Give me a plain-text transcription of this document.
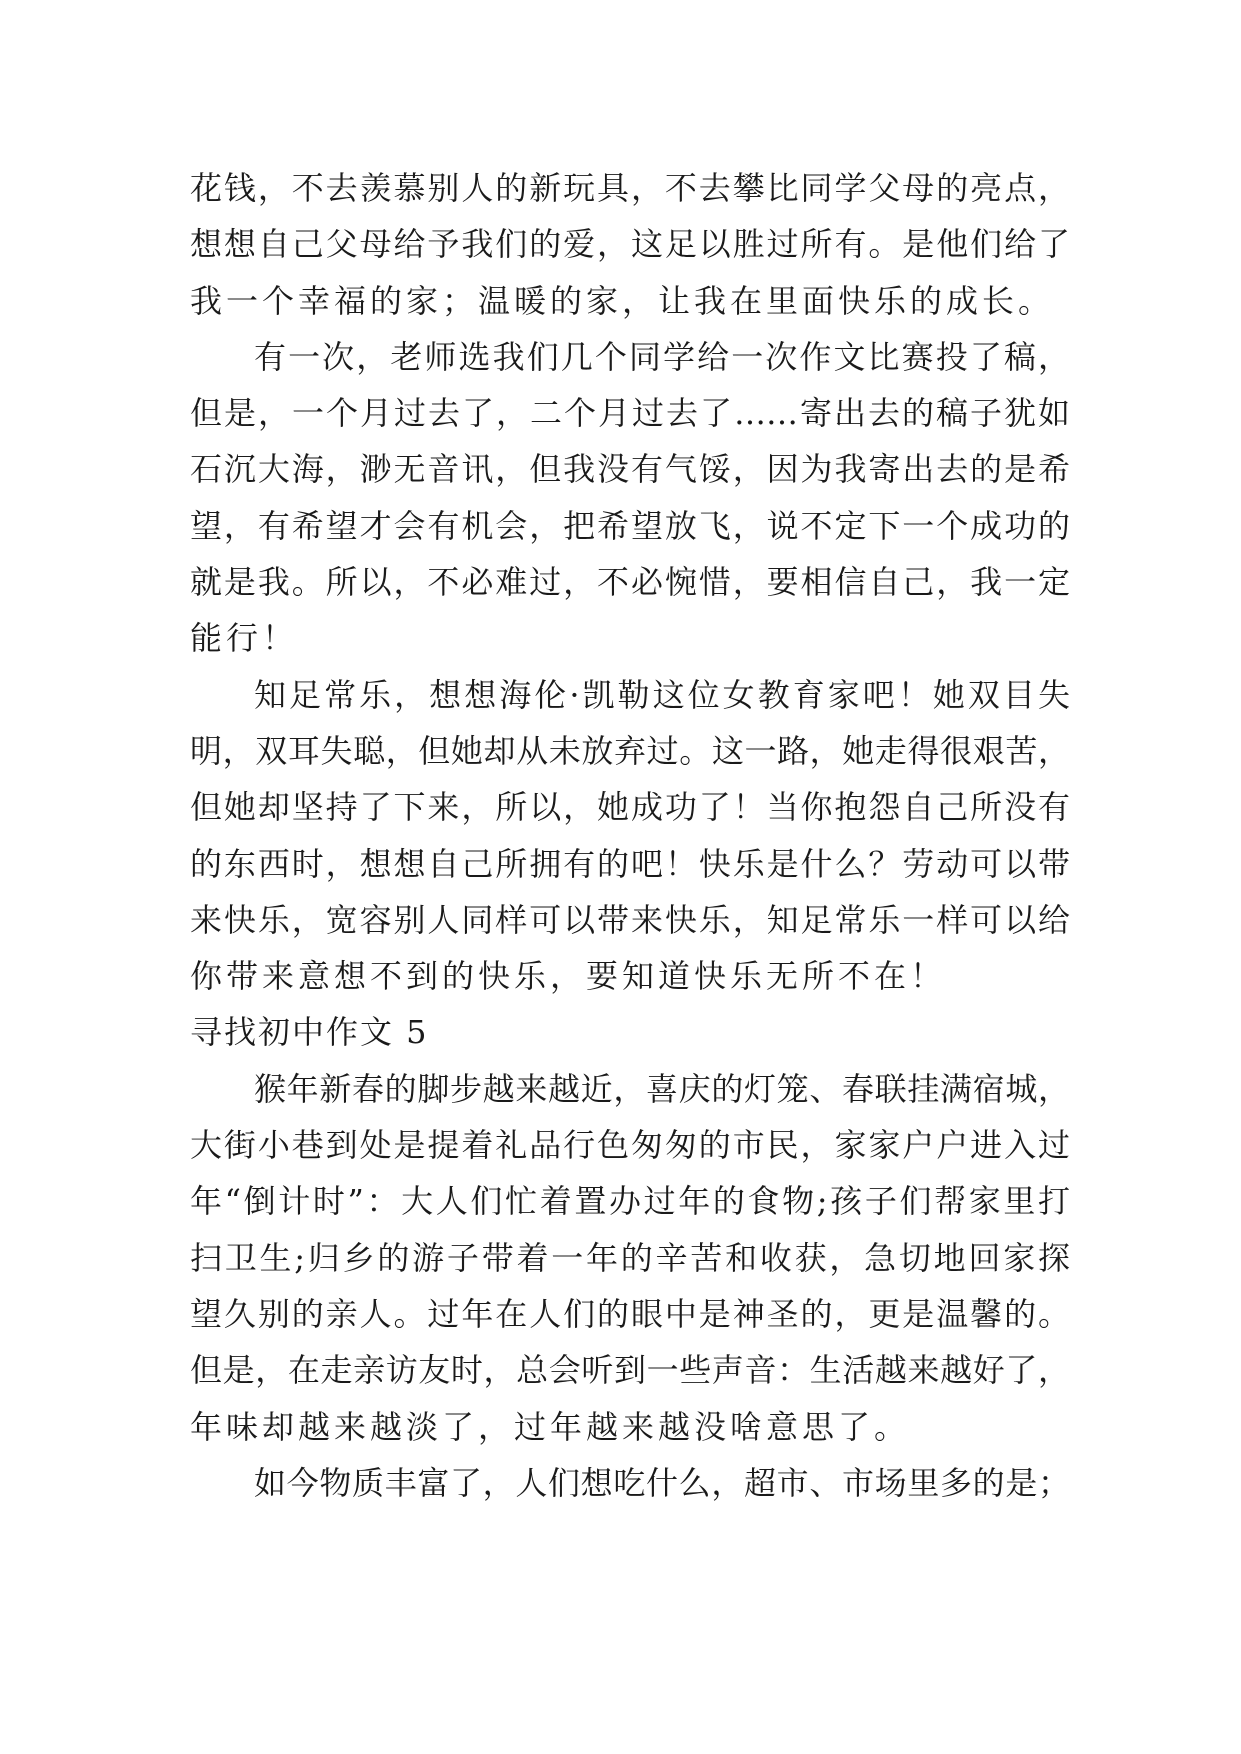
花钱，不去羡慕别人的新玩具，不去攀比同学父母的亮点，
想想自己父母给予我们的爱，这足以胜过所有。是他们给了
我一个幸福的家；温暖的家，让我在里面快乐的成长。
有一次，老师选我们几个同学给一次作文比赛投了稿，
但是，一个月过去了，二个月过去了……寄出去的稿子犹如
石沉大海，渺无音讯，但我没有气馁，因为我寄出去的是希
望，有希望才会有机会，把希望放飞，说不定下一个成功的
就是我。所以，不必难过，不必惋惜，要相信自己，我一定
能行！
知足常乐，想想海伦·凯勒这位女教育家吧！她双目失
明，双耳失聪，但她却从未放弃过。这一路，她走得很艰苦，
但她却坚持了下来，所以，她成功了！当你抱怨自己所没有
的东西时，想想自己所拥有的吧！快乐是什么？劳动可以带
来快乐，宽容别人同样可以带来快乐，知足常乐一样可以给
你带来意想不到的快乐，要知道快乐无所不在！
寻找初中作文 5
猴年新春的脚步越来越近，喜庆的灯笼、春联挂满宿城，
大街小巷到处是提着礼品行色匆匆的市民，家家户户进入过
年“倒计时”：大人们忙着置办过年的食物;孩子们帮家里打
扫卫生;归乡的游子带着一年的辛苦和收获，急切地回家探
望久别的亲人。过年在人们的眼中是神圣的，更是温馨的。
但是，在走亲访友时，总会听到一些声音：生活越来越好了，
年味却越来越淡了，过年越来越没啥意思了。
如今物质丰富了，人们想吃什么，超市、市场里多的是；
